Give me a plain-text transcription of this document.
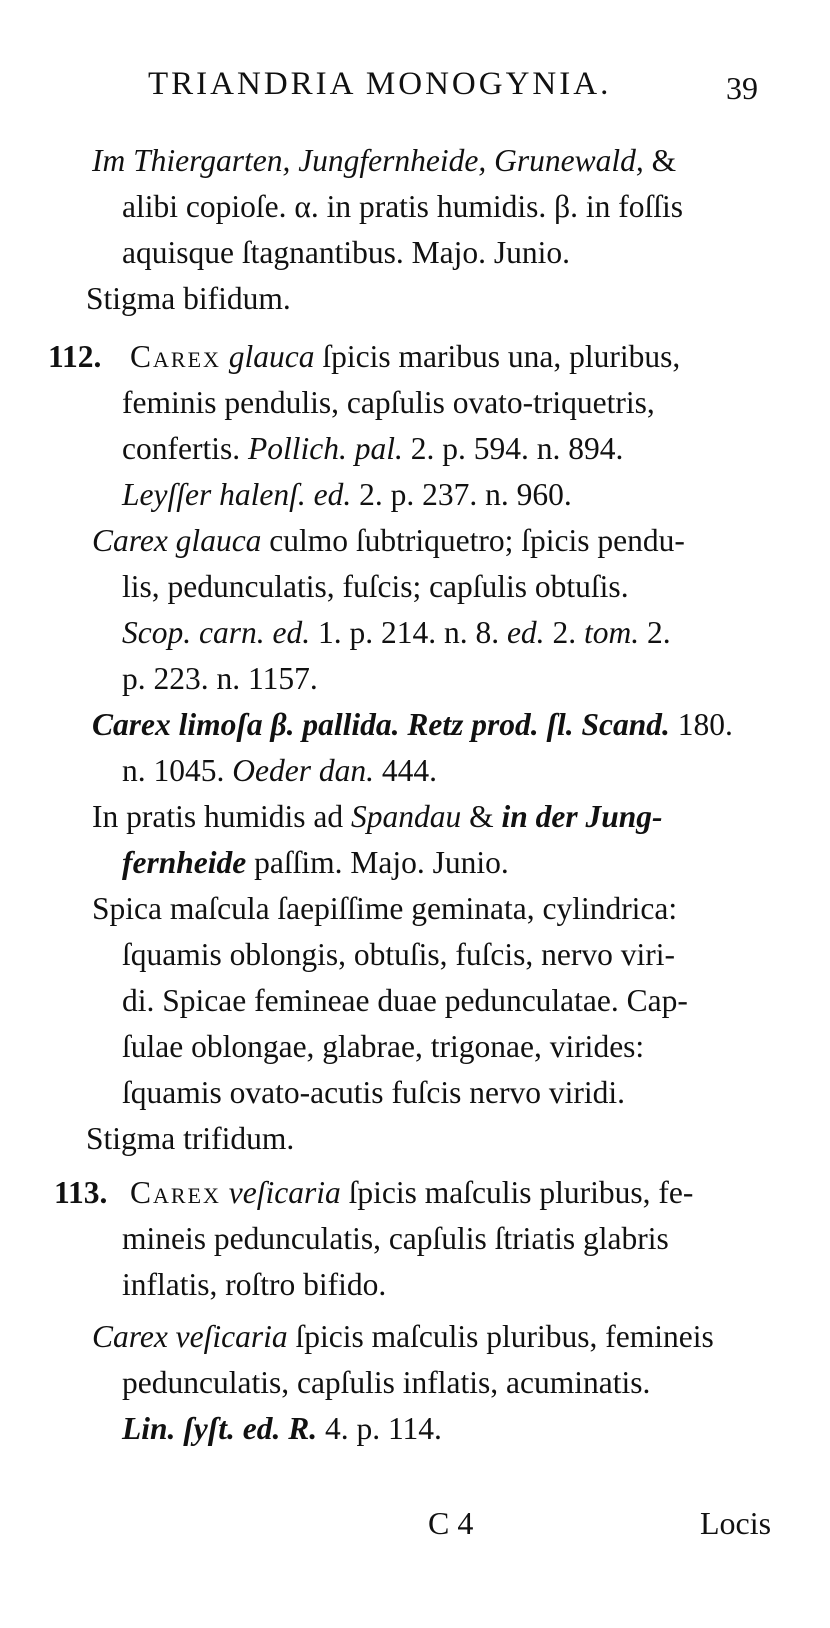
TRIANDRIA MONOGYNIA.	39
Im Thiergarten, Jungfernheide, Grunewald, &
alibi copioſe. α. in pratis humidis. β. in foſſis
aquisque ſtagnantibus. Majo. Junio.
Stigma bifidum.
112. Carex glauca ſpicis maribus una, pluribus,
feminis pendulis, capſulis ovato-triquetris,
confertis. Pollich. pal. 2. p. 594. n. 894.
Leyſſer halenſ. ed. 2. p. 237. n. 960.
Carex glauca culmo ſubtriquetro; ſpicis pendu-
lis, pedunculatis, fuſcis; capſulis obtuſis.
Scop. carn. ed. 1. p. 214. n. 8. ed. 2. tom. 2.
p. 223. n. 1157.
Carex limoſa β. pallida. Retz prod. ſl. Scand. 180.
n. 1045. Oeder dan. 444.
In pratis humidis ad Spandau & in der Jung-
fernheide paſſim. Majo. Junio.
Spica maſcula ſaepiſſime geminata, cylindrica:
ſquamis oblongis, obtuſis, fuſcis, nervo viri-
di. Spicae femineae duae pedunculatae. Cap-
ſulae oblongae, glabrae, trigonae, virides:
ſquamis ovato-acutis fuſcis nervo viridi.
Stigma trifidum.
113. Carex veſicaria ſpicis maſculis pluribus, fe-
mineis pedunculatis, capſulis ſtriatis glabris
inflatis, roſtro bifido.
Carex veſicaria ſpicis maſculis pluribus, femineis
pedunculatis, capſulis inflatis, acuminatis.
Lin. ſyſt. ed. R. 4. p. 114.
C 4	Locis
